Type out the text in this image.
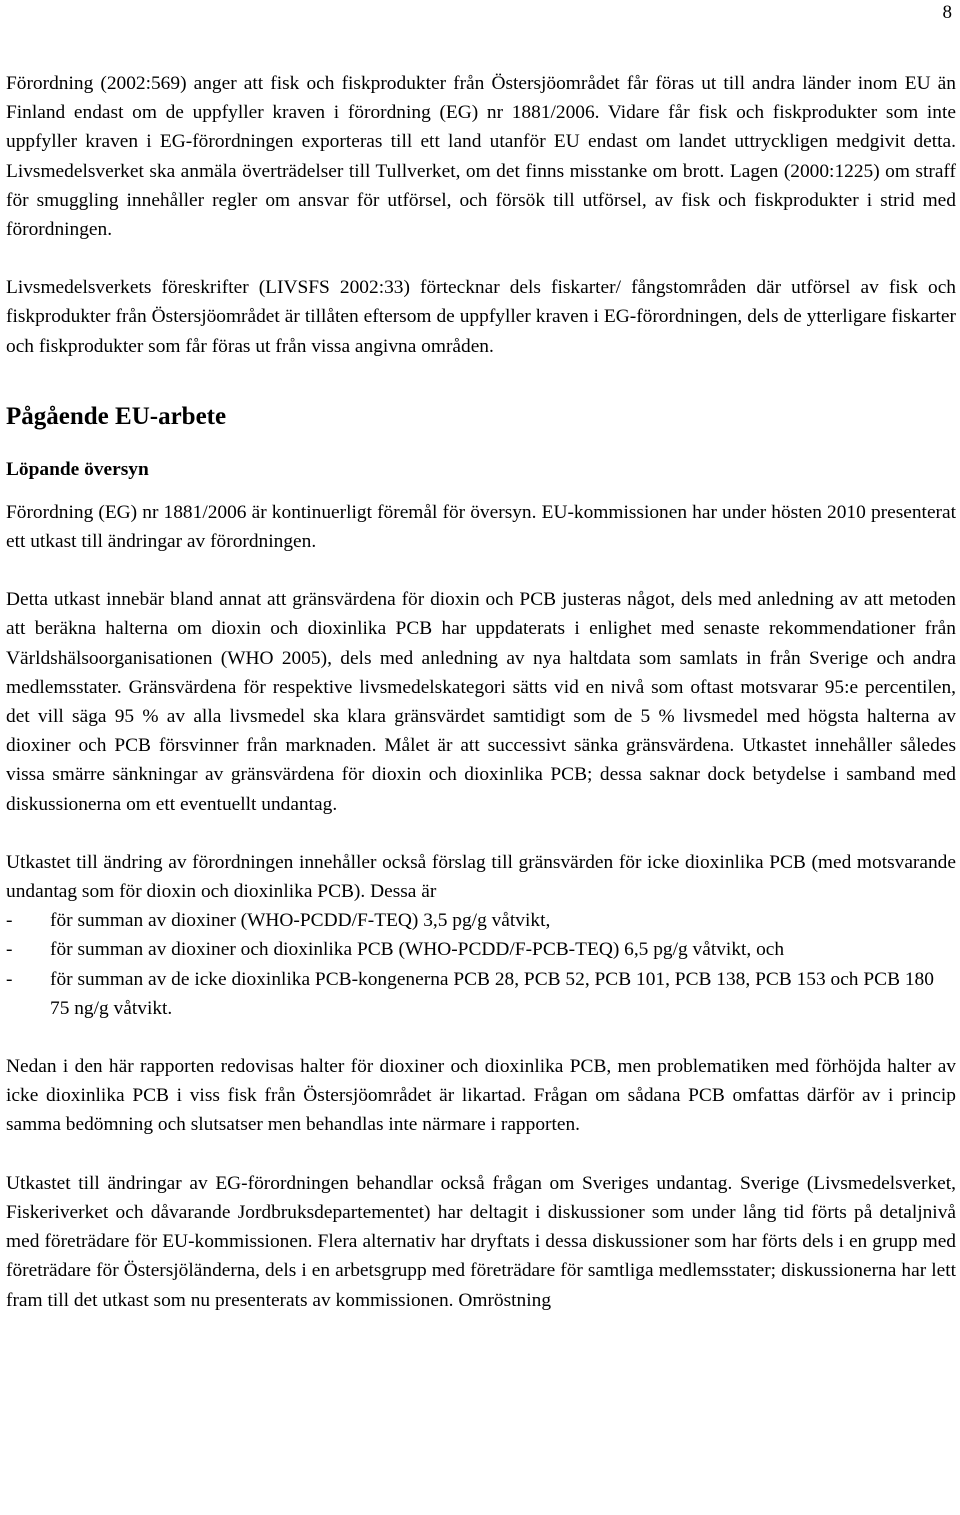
8

Förordning (2002:569) anger att fisk och fiskprodukter från Östersjöområdet får föras ut till andra länder inom EU än Finland endast om de uppfyller kraven i förordning (EG) nr 1881/2006. Vidare får fisk och fiskprodukter som inte uppfyller kraven i EG-förordningen exporteras till ett land utanför EU endast om landet uttryckligen medgivit detta. Livsmedelsverket ska anmäla överträdelser till Tullverket, om det finns misstanke om brott. Lagen (2000:1225) om straff för smuggling innehåller regler om ansvar för utförsel, och försök till utförsel, av fisk och fiskprodukter i strid med förordningen.

Livsmedelsverkets föreskrifter (LIVSFS 2002:33) förtecknar dels fiskarter/ fångstområden där utförsel av fisk och fiskprodukter från Östersjöområdet är tillåten eftersom de uppfyller kraven i EG-förordningen, dels de ytterligare fiskarter och fiskprodukter som får föras ut från vissa angivna områden.

Pågående EU-arbete
Löpande översyn

Förordning (EG) nr 1881/2006 är kontinuerligt föremål för översyn. EU-kommissionen har under hösten 2010 presenterat ett utkast till ändringar av förordningen.

Detta utkast innebär bland annat att gränsvärdena för dioxin och PCB justeras något, dels med anledning av att metoden att beräkna halterna om dioxin och dioxinlika PCB har uppdaterats i enlighet med senaste rekommendationer från Världshälsoorganisationen (WHO 2005), dels med anledning av nya haltdata som samlats in från Sverige och andra medlemsstater. Gränsvärdena för respektive livsmedelskategori sätts vid en nivå som oftast motsvarar 95:e percentilen, det vill säga 95 % av alla livsmedel ska klara gränsvärdet samtidigt som de 5 % livsmedel med högsta halterna av dioxiner och PCB försvinner från marknaden. Målet är att successivt sänka gränsvärdena. Utkastet innehåller således vissa smärre sänkningar av gränsvärdena för dioxin och dioxinlika PCB; dessa saknar dock betydelse i samband med diskussionerna om ett eventuellt undantag.

Utkastet till ändring av förordningen innehåller också förslag till gränsvärden för icke dioxinlika PCB (med motsvarande undantag som för dioxin och dioxinlika PCB). Dessa är

- för summan av dioxiner (WHO-PCDD/F-TEQ) 3,5 pg/g våtvikt,
- för summan av dioxiner och dioxinlika PCB (WHO-PCDD/F-PCB-TEQ) 6,5 pg/g våtvikt, och
- för summan av de icke dioxinlika PCB-kongenerna PCB 28, PCB 52, PCB 101, PCB 138, PCB 153 och PCB 180 75 ng/g våtvikt.

Nedan i den här rapporten redovisas halter för dioxiner och dioxinlika PCB, men problematiken med förhöjda halter av icke dioxinlika PCB i viss fisk från Östersjöområdet är likartad. Frågan om sådana PCB omfattas därför av i princip samma bedömning och slutsatser men behandlas inte närmare i rapporten.

Utkastet till ändringar av EG-förordningen behandlar också frågan om Sveriges undantag. Sverige (Livsmedelsverket, Fiskeriverket och dåvarande Jordbruksdepartementet) har deltagit i diskussioner som under lång tid förts på detaljnivå med företrädare för EU-kommissionen. Flera alternativ har dryftats i dessa diskussioner som har förts dels i en grupp med företrädare för Östersjöländerna, dels i en arbetsgrupp med företrädare för samtliga medlemsstater; diskussionerna har lett fram till det utkast som nu presenterats av kommissionen. Omröstning
